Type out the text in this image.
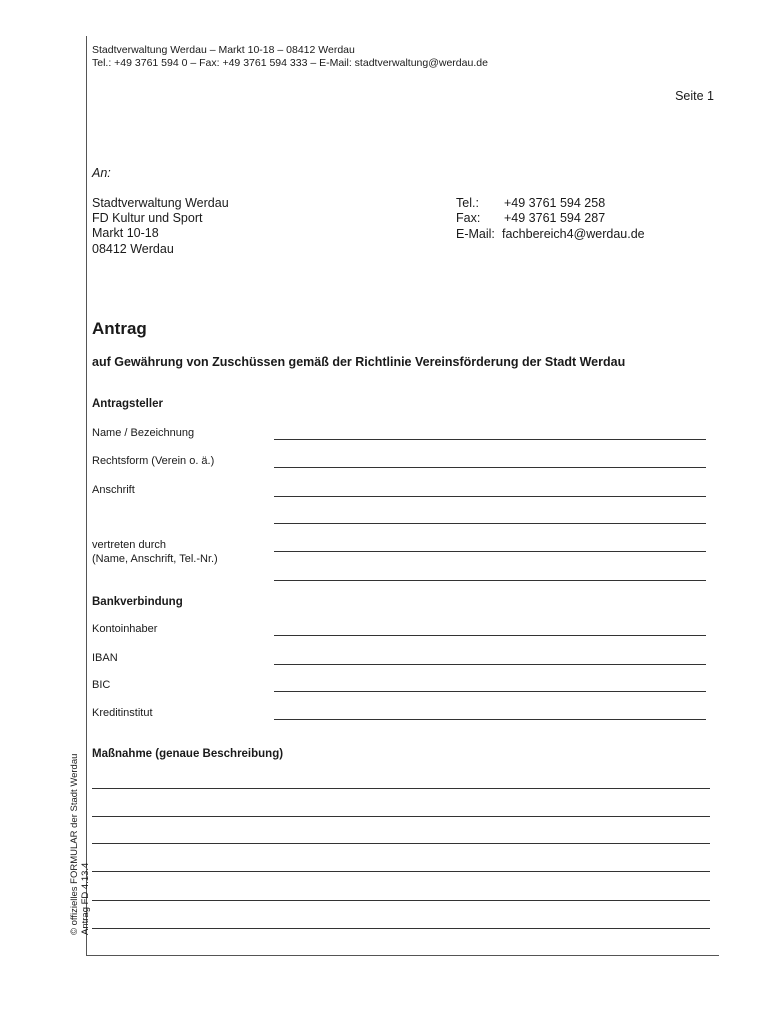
Stadtverwaltung Werdau – Markt 10-18 – 08412 Werdau
Tel.: +49 3761 594 0 – Fax: +49 3761 594 333 – E-Mail: stadtverwaltung@werdau.de
Seite 1
An:
Stadtverwaltung Werdau
FD Kultur und Sport
Markt 10-18
08412 Werdau
Tel.: +49 3761 594 258
Fax: +49 3761 594 287
E-Mail: fachbereich4@werdau.de
Antrag
auf Gewährung von Zuschüssen gemäß der Richtlinie Vereinsförderung der Stadt Werdau
Antragsteller
Name / Bezeichnung
Rechtsform (Verein o. ä.)
Anschrift
vertreten durch
(Name, Anschrift, Tel.-Nr.)
Bankverbindung
Kontoinhaber
IBAN
BIC
Kreditinstitut
Maßnahme (genaue Beschreibung)
© offizielles FORMULAR der Stadt Werdau Antrag FD 4.13.4
